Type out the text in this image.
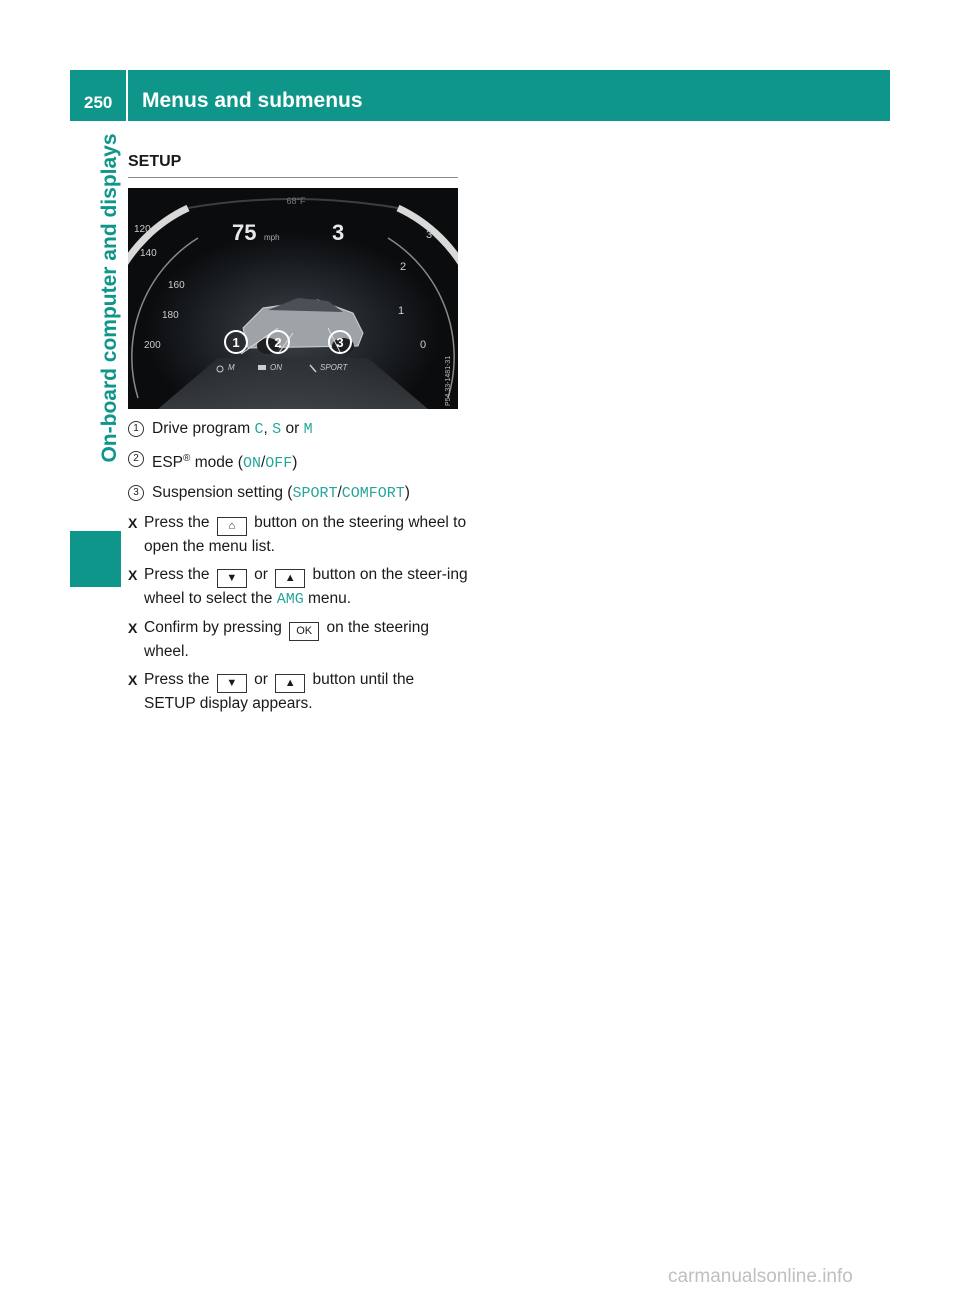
250 Menus and submenus
On-board computer and displays SETUP
1	2	3
68°F
75 mph 3
120
140
160
180
200
3
2
1
0
M	ON	SPORT	P54.33-1481-31
1 Drive program C, S or M
2 ESP® mode (ON/OFF)
3 Suspension setting (SPORT/COMFORT)
X Press the ⌂ button on the steering wheel to open the menu list.
X Press the ▼ or ▲ button on the steer-ing wheel to select the AMG menu.
X Confirm by pressing OK on the steering wheel.
X Press the ▼ or ▲ button until the SETUP display appears.
carmanualsonline.info
